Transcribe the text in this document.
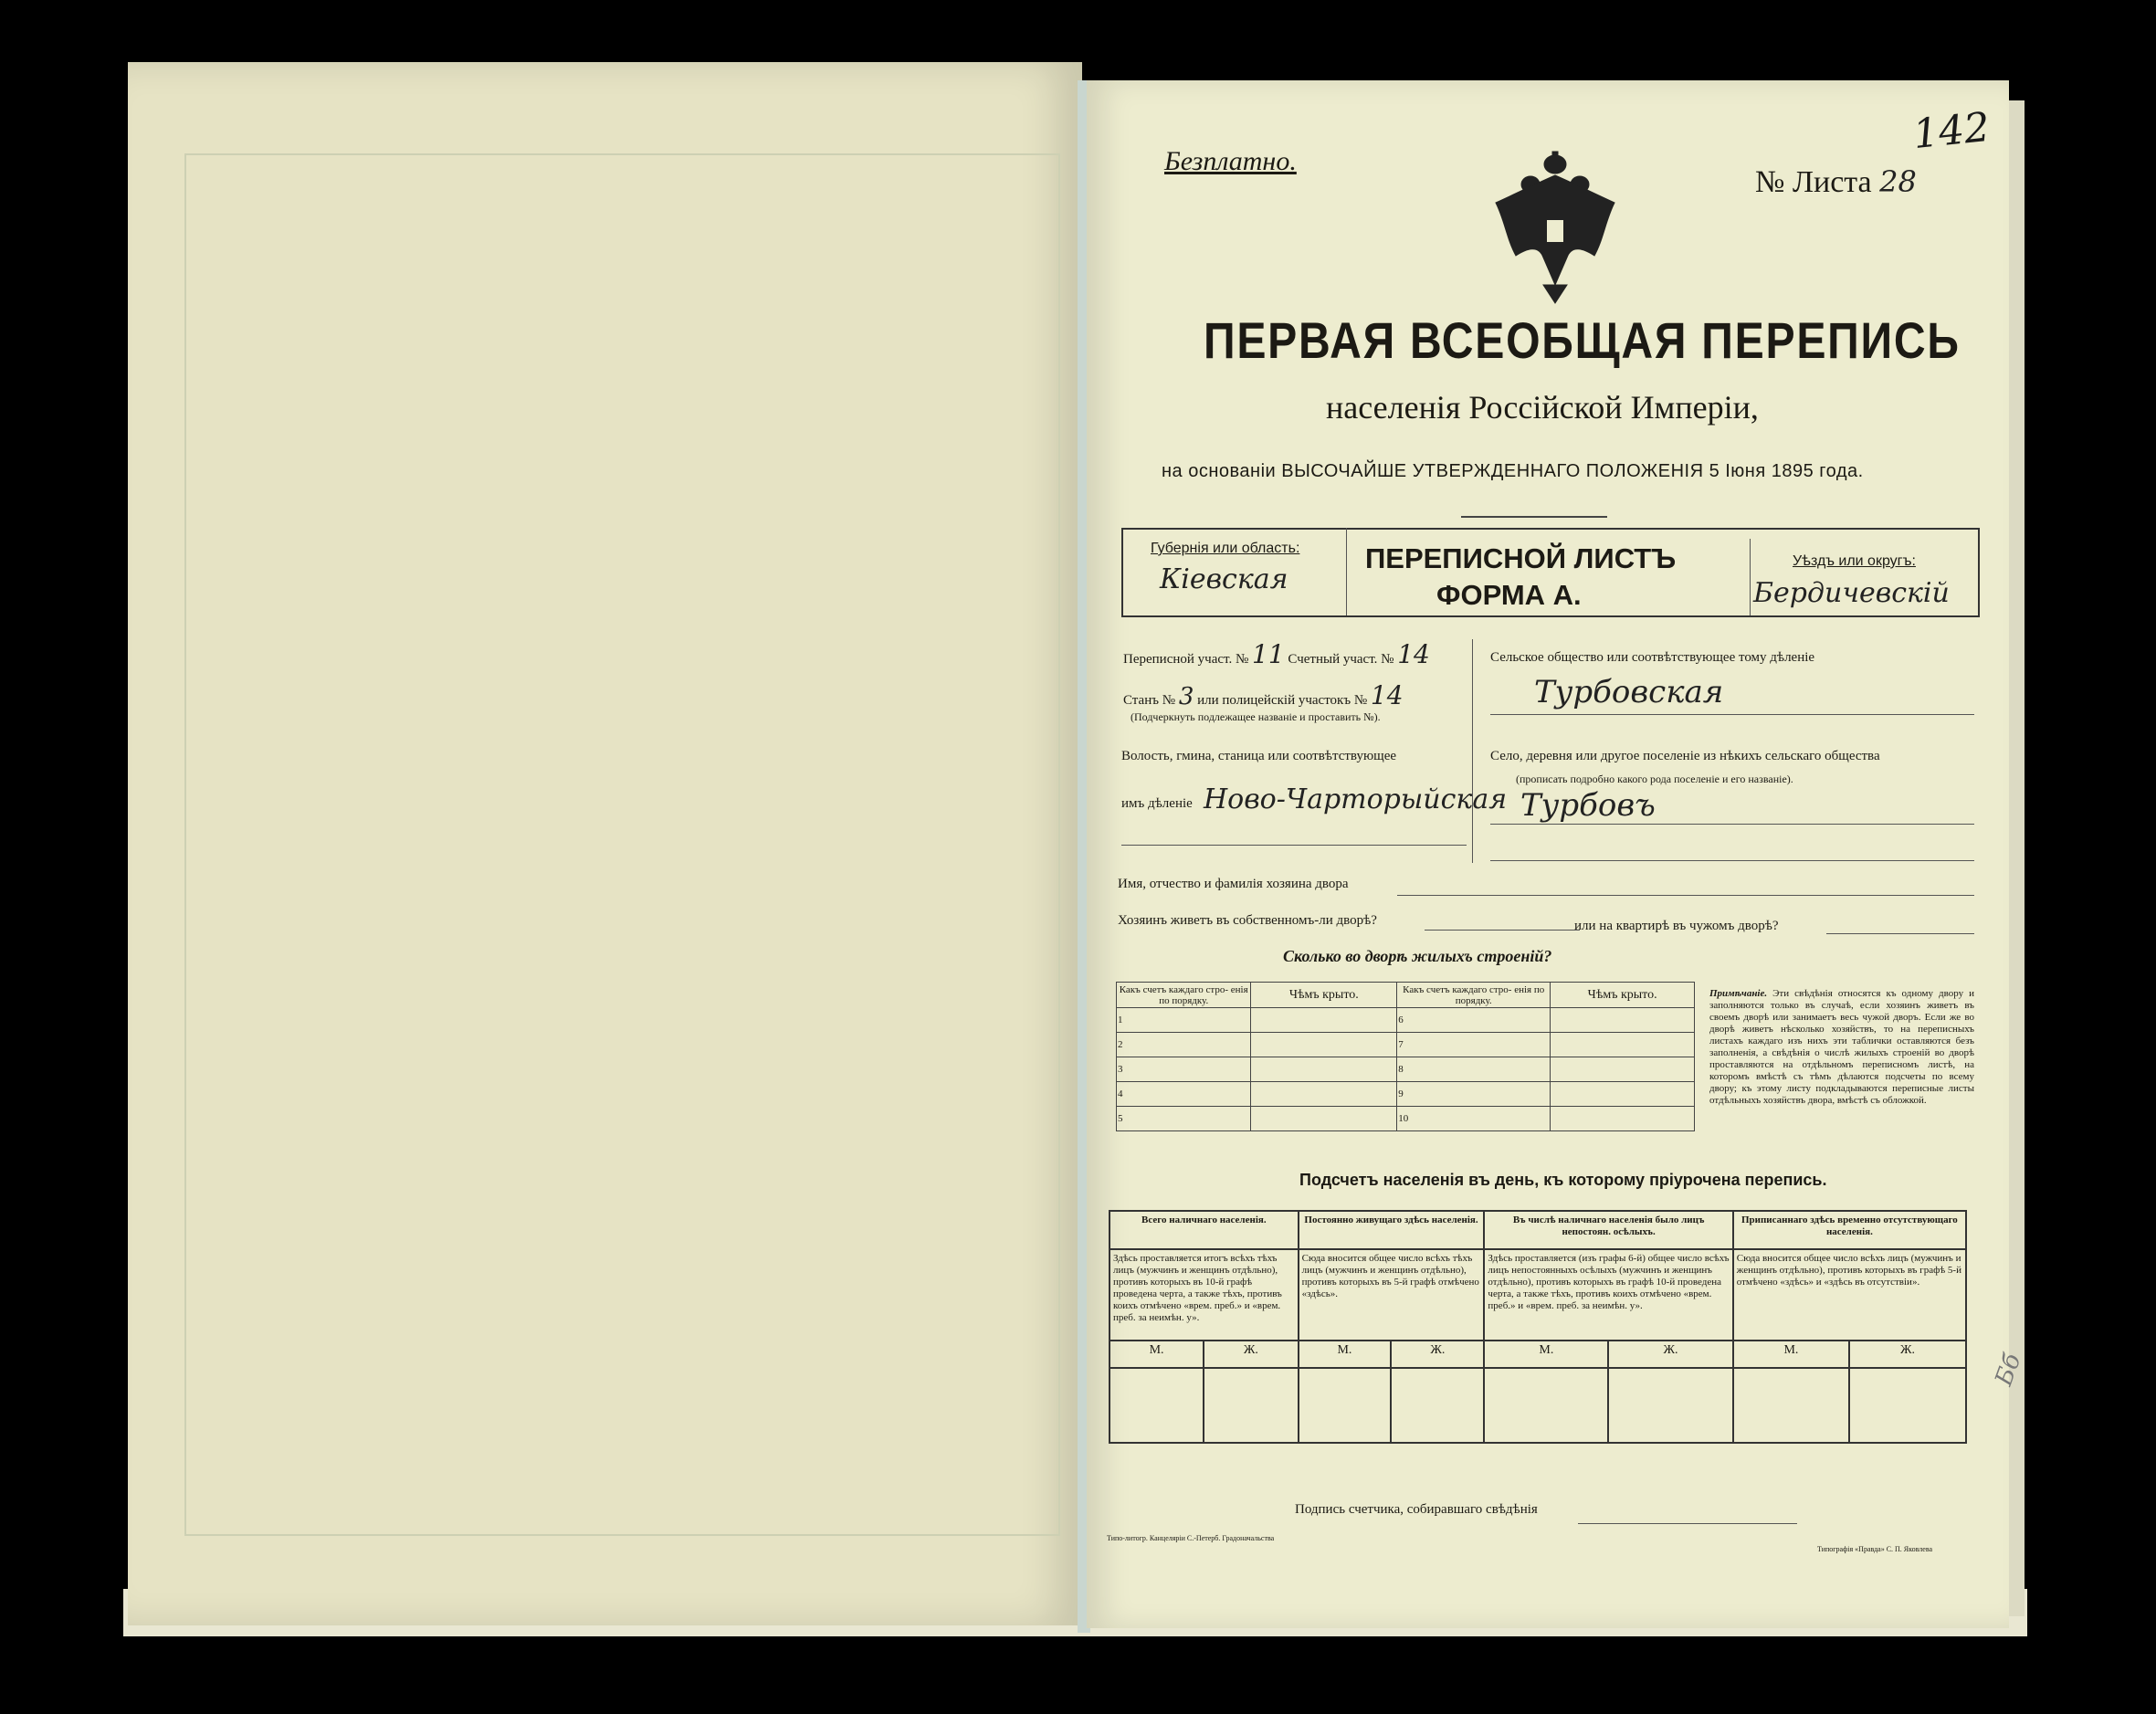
142
Безплатно.
№ Листа 28
ПЕРВАЯ ВСЕОБЩАЯ ПЕРЕПИСЬ
населенія Россійской Имперіи,
на основаніи ВЫСОЧАЙШЕ УТВЕРЖДЕННАГО ПОЛОЖЕНІЯ 5 Іюня 1895 года.
Губернія или область:
Кіевская
ПЕРЕПИСНОЙ ЛИСТЪ
ФОРМА А.
Уѣздъ или округъ:
Бердичевскій
Переписной участ. № 11 Счетный участ. № 14
Станъ № 3 или полицейскій участокъ № 14
(Подчеркнуть подлежащее названіе и проставить №).
Волость, гмина, станица или соотвѣтствующее
имъ дѣленіе Ново-Чарторыйская
Сельское общество или соотвѣтствующее тому дѣленіе
Турбовская
Село, деревня или другое поселеніе из нѣкихъ сельскаго общества
(прописать подробно какого рода поселеніе и его названіе).
Турбовъ
Имя, отчество и фамилія хозяина двора
Хозяинъ живетъ въ собственномъ-ли дворѣ?	или на квартирѣ въ чужомъ дворѣ?
Сколько во дворѣ жилыхъ строеній?
Какъ счетъ каждаго стро- енія по порядку.	Чѣмъ крыто.	Какъ счетъ каждаго стро- енія по порядку.	Чѣмъ крыто.
1		6	
2		7	
3		8	
4		9	
5		10	
Примѣчаніе. Эти свѣдѣнія относятся къ одному двору и заполняются только въ случаѣ, если хозяинъ живетъ въ своемъ дворѣ или занимаетъ весь чужой дворъ. Если же во дворѣ живетъ нѣсколько хозяйствъ, то на переписныхъ листахъ каждаго изъ нихъ эти таблички оставляются безъ заполненія, а свѣдѣнія о числѣ жилыхъ строеній во дворѣ проставляются на отдѣльномъ переписномъ листѣ, на которомъ вмѣстѣ съ тѣмъ дѣлаются подсчеты по всему двору; къ этому листу подкладываются переписные листы отдѣльныхъ хозяйствъ двора, вмѣстѣ съ обложкой.
Подсчетъ населенія въ день, къ которому пріурочена перепись.
Всего наличнаго населенія.		Постоянно живущаго здѣсь населенія.		Въ числѣ наличнаго населенія было лицъ непостоян. осѣлыхъ.		Приписаннаго здѣсь временно отсутствующаго населенія.	
Здѣсь проставляется итогъ всѣхъ тѣхъ лицъ (мужчинъ и женщинъ отдѣльно), противъ которыхъ въ 10-й графѣ проведена черта, а также тѣхъ, противъ коихъ отмѣчено «врем. преб.» и «врем. преб. за неимѣн. у».		Сюда вносится общее число всѣхъ тѣхъ лицъ (мужчинъ и женщинъ отдѣльно), противъ которыхъ въ 5-й графѣ отмѣчено «здѣсь».		Здѣсь проставляется (изъ графы 6-й) общее число всѣхъ лицъ непостоянныхъ осѣлыхъ (мужчинъ и женщинъ отдѣльно), противъ которыхъ въ графѣ 10-й проведена черта, а также тѣхъ, противъ коихъ отмѣчено «врем. преб.» и «врем. преб. за неимѣн. у».		Сюда вносится общее число всѣхъ лицъ (мужчинъ и женщинъ отдѣльно), противъ которыхъ въ графѣ 5-й отмѣчено «здѣсь» и «здѣсь въ отсутствіи».	
М.	Ж.	М.	Ж.	М.	Ж.	М.	Ж.
								Бб
Подпись счетчика, собиравшаго свѣдѣнія
Типо-литогр. Канцеляріи С.-Петерб. Градоначальства
Типографія «Правда» С. П. Яковлева
